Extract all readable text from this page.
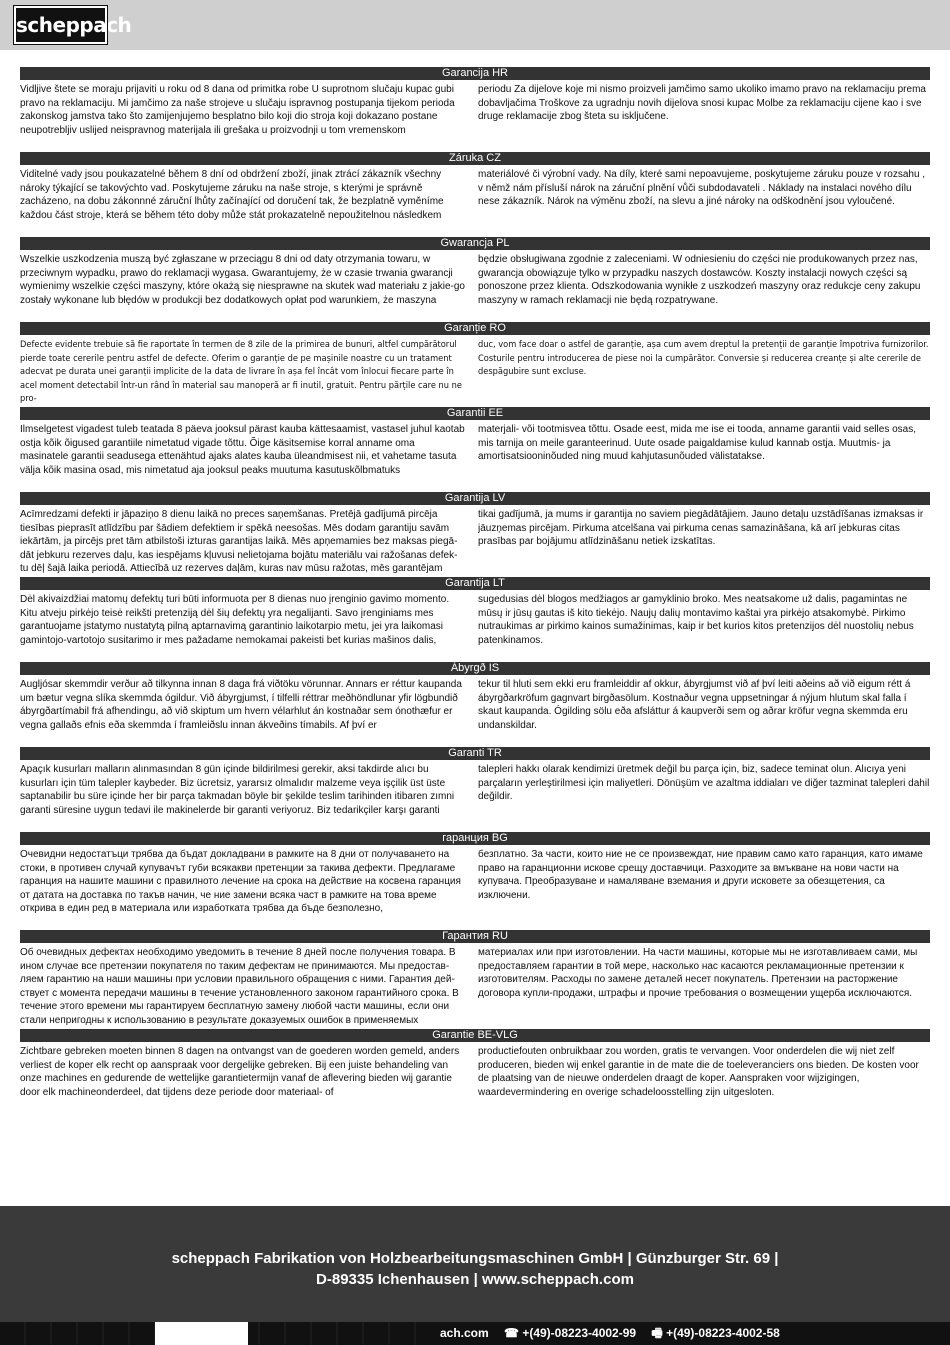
scheppach
Garancija HR
Vidljive štete se moraju prijaviti u roku od 8 dana od primitka robe U suprotnom slučaju kupac gubi pravo na reklamaciju. Mi jamčimo za naše strojeve u slučaju ispravnog postupanja tijekom perioda zakonskog jamstva tako što zamijenjujemo besplatno bilo koji dio stroja koji dokazano postane neupotrebljiv uslijed neispravnog materijala ili grešaka u proizvodnji u tom vremenskom
periodu Za dijelove koje mi nismo proizveli jamčimo samo ukoliko imamo pravo na reklamaciju prema dobavljačima Troškove za ugradnju novih dijelova snosi kupac Molbe za reklamaciju cijene kao i sve druge reklamacije zbog šteta su isključene.
Záruka CZ
Viditelné vady jsou poukazatelné během 8 dní od obdržení zboží, jinak ztrácí zákazník všechny nároky týkající se takovýchto vad. Poskytujeme záruku na naše stroje, s kterými je správně zacházeno, na dobu zákonnné záruční lhůty začínající od doručení tak, že bezplatně vyměníme každou část stroje, která se během této doby může stát prokazatelně nepoužitelnou následkem
materiálové či výrobní vady. Na díly, které sami nepoavujeme, poskytujeme záruku pouze v rozsahu , v němž nám přísluší nárok na záruční plnění vůči subdodavateli . Náklady na instalaci nového dílu nese zákazník. Nárok na výměnu zboží, na slevu a jiné nároky na odškodnění jsou vyloučené.
Gwarancja PL
Wszelkie uszkodzenia muszą być zgłaszane w przeciągu 8 dni od daty otrzymania towaru, w przeciwnym wypadku, prawo do reklamacji wygasa. Gwarantujemy, że w czasie trwania gwarancji wymienimy wszelkie części maszyny, które okażą się niesprawne na skutek wad materiału z jakie-go zostały wykonane lub błędów w produkcji bez dodatkowych opłat pod warunkiem, że maszyna
będzie obsługiwana zgodnie z zaleceniami. W odniesieniu do części nie produkowanych przez nas, gwarancja obowiązuje tylko w przypadku naszych dostawców. Koszty instalacji nowych części są ponoszone przez klienta. Odszkodowania wynikłe z uszkodzeń maszyny oraz redukcje ceny zakupu maszyny w ramach reklamacji nie będą rozpatrywane.
Garanție RO
Defecte evidente trebuie să fie raportate în termen de 8 zile de la primirea de bunuri, altfel cumpărătorul pierde toate cererile pentru astfel de defecte. Oferim o garanție de pe mașinile noastre cu un tratament adecvat pe durata unei garanții implicite de la data de livrare în așa fel încât vom înlocui fiecare parte în acel moment detectabil într-un rând în material sau manoperă ar fi inutil, gratuit. Pentru părțile care nu ne pro-
duc, vom face doar o astfel de garanție, așa cum avem dreptul la pretenții de garanție împotriva furnizorilor. Costurile pentru introducerea de piese noi la cumpărător. Conversie și reducerea creanțe și alte cererile de despăgubire sunt excluse.
Garantii EE
Ilmselgetest vigadest tuleb teatada 8 päeva jooksul pärast kauba kättesaamist, vastasel juhul kaotab ostja kõik õigused garantiile nimetatud vigade tõttu. Õige käsitsemise korral anname oma masinatele garantii seadusega ettenähtud ajaks alates kauba üleandmisest nii, et vahetame tasuta välja kõik masina osad, mis nimetatud aja jooksul peaks muutuma kasutuskõlbmatuks
materjali- või tootmisvea tõttu. Osade eest, mida me ise ei tooda, anname garantii vaid selles osas, mis tarnija on meile garanteerinud. Uute osade paigaldamise kulud kannab ostja. Muutmis- ja amortisatsiooninõuded ning muud kahjutasunõuded välistatakse.
Garantija LV
Acīmredzami defekti ir jāpaziņo 8 dienu laikā no preces saņemšanas. Pretējā gadījumā pircēja tiesības pieprasīt atlīdzību par šādiem defektiem ir spēkā neesošas. Mēs dodam garantiju savām iekārtām, ja pircējs pret tām atbilstoši izturas garantijas laikā. Mēs apņemamies bez maksas piegā-dāt jebkuru rezerves daļu, kas iespējams kļuvusi nelietojama bojātu materiālu vai ražošanas defek-tu dēļ šajā laika periodā. Attiecībā uz rezerves daļām, kuras nav mūsu ražotas, mēs garantējam
tikai gadījumā, ja mums ir garantija no saviem piegādātājiem. Jauno detaļu uzstādīšanas izmaksas ir jāuzņemas pircējam. Pirkuma atcelšana vai pirkuma cenas samazināšana, kā arī jebkuras citas prasības par bojājumu atlīdzināšanu netiek izskatītas.
Garantija LT
Dėl akivaizdžiai matomų defektų turi būti informuota per 8 dienas nuo įrenginio gavimo momento. Kitu atveju pirkėjo teisė reikšti pretenziją dėl šių defektų yra negalijanti. Savo įrenginiams mes garantuojame įstatymo nustatytą pilną aptarnavimą garantinio laikotarpio metu, jei yra laikomasi gamintojo-vartotojo susitarimo ir mes pažadame nemokamai pakeisti bet kurias mašinos dalis,
sugedusias dėl blogos medžiagos ar gamyklinio broko. Mes neatsakome už dalis, pagamintas ne mūsų ir jūsų gautas iš kito tiekėjo. Naujų dalių montavimo kaštai yra pirkėjo atsakomybė. Pirkimo nutraukimas ar pirkimo kainos sumažinimas, kaip ir bet kurios kitos pretenzijos dėl nuostolių nebus patenkinamos.
Ábyrgð IS
Augljósar skemmdir verður að tilkynna innan 8 daga frá viðtöku vörunnar. Annars er réttur kaupanda um bætur vegna slíka skemmda ógildur. Við ábyrgjumst, í tilfelli réttrar meðhöndlunar yfir lögbundið ábyrgðartímabil frá afhendingu, að við skiptum um hvern vélarhlut án kostnaðar sem ónothæfur er vegna gallaðs efnis eða skemmda í framleiðslu innan ákveðins tímabils. Af því er
tekur til hluti sem ekki eru framleiddir af okkur, ábyrgjumst við af því leiti aðeins að við eigum rétt á ábyrgðarkröfum gagnvart birgðasölum. Kostnaður vegna uppsetningar á nýjum hlutum skal falla í skaut kaupanda. Ógilding sölu eða afsláttur á kaupverði sem og aðrar kröfur vegna skemmda eru undanskildar.
Garanti TR
Apaçık kusurları malların alınmasından 8 gün içinde bildirilmesi gerekir, aksi takdirde alıcı bu kusurları için tüm talepler kaybeder. Biz ücretsiz, yararsız olmalıdır malzeme veya işçilik üst üste saptanabilir bu süre içinde her bir parça takmadan böyle bir şekilde teslim tarihinden itibaren zımni garanti süresine uygun tedavi ile makinelerde bir garanti veriyoruz. Biz tedarikçiler karşı garanti
talepleri hakkı olarak kendimizi üretmek değil bu parça için, biz, sadece teminat olun. Alıcıya yeni parçaların yerleştirilmesi için maliyetleri. Dönüşüm ve azaltma iddiaları ve diğer tazminat talepleri dahil değildir.
гаранция BG
Очевидни недостатъци трябва да бъдат докладвани в рамките на 8 дни от получаването на стоки, в противен случай купувачът губи всякакви претенции за такива дефекти. Предлагаме гаранция на нашите машини с правилното лечение на срока на действие на косвена гаранция от датата на доставка по такъв начин, че ние замени всяка част в рамките на това време открива в един ред в материала или изработката трябва да бъде безполезно,
безплатно. За части, които ние не се произвеждат, ние правим само като гаранция, като имаме право на гаранционни искове срещу доставчици. Разходите за вмъкване на нови части на купувача. Преобразуване и намаляване вземания и други исковете за обезщетения, са изключени.
Гарантия RU
Об очевидных дефектах необходимо уведомить в течение 8 дней после получения товара. В ином случае все претензии покупателя по таким дефектам не принимаются. Мы предостав-ляем гарантию на наши машины при условии правильного обращения с ними. Гарантия дей-ствует с момента передачи машины в течение установленного законом гарантийного срока. В течение этого времени мы гарантируем бесплатную замену любой части машины, если они стали непригодны к использованию в результате доказуемых ошибок в применяемых
материалах или при изготовлении. На части машины, которые мы не изготавливаем сами, мы предоставляем гарантии в той мере, насколько нас касаются рекламационные претензии к изготовителям. Расходы по замене деталей несет покупатель. Претензии на расторжение договора купли-продажи, штрафы и прочие требования о возмещении ущерба исключаются.
Garantie BE-VLG
Zichtbare gebreken moeten binnen 8 dagen na ontvangst van de goederen worden gemeld, anders verliest de koper elk recht op aanspraak voor dergelijke gebreken. Bij een juiste behandeling van onze machines en gedurende de wettelijke garantietermijn vanaf de aflevering bieden wij garantie door elk machineonderdeel, dat tijdens deze periode door materiaal- of
productiefouten onbruikbaar zou worden, gratis te vervangen. Voor onderdelen die wij niet zelf produceren, bieden wij enkel garantie in de mate die de toeleveranciers ons bieden. De kosten voor de plaatsing van de nieuwe onderdelen draagt de koper. Aanspraken voor wijzigingen, waardevermindering en overige schadeloosstelling zijn uitgesloten.
scheppach Fabrikation von Holzbearbeitungsmaschinen GmbH | Günzburger Str. 69 |
D-89335 Ichenhausen | www.scheppach.com
ach.com ☎ +(49)-08223-4002-99 🖷 +(49)-08223-4002-58
